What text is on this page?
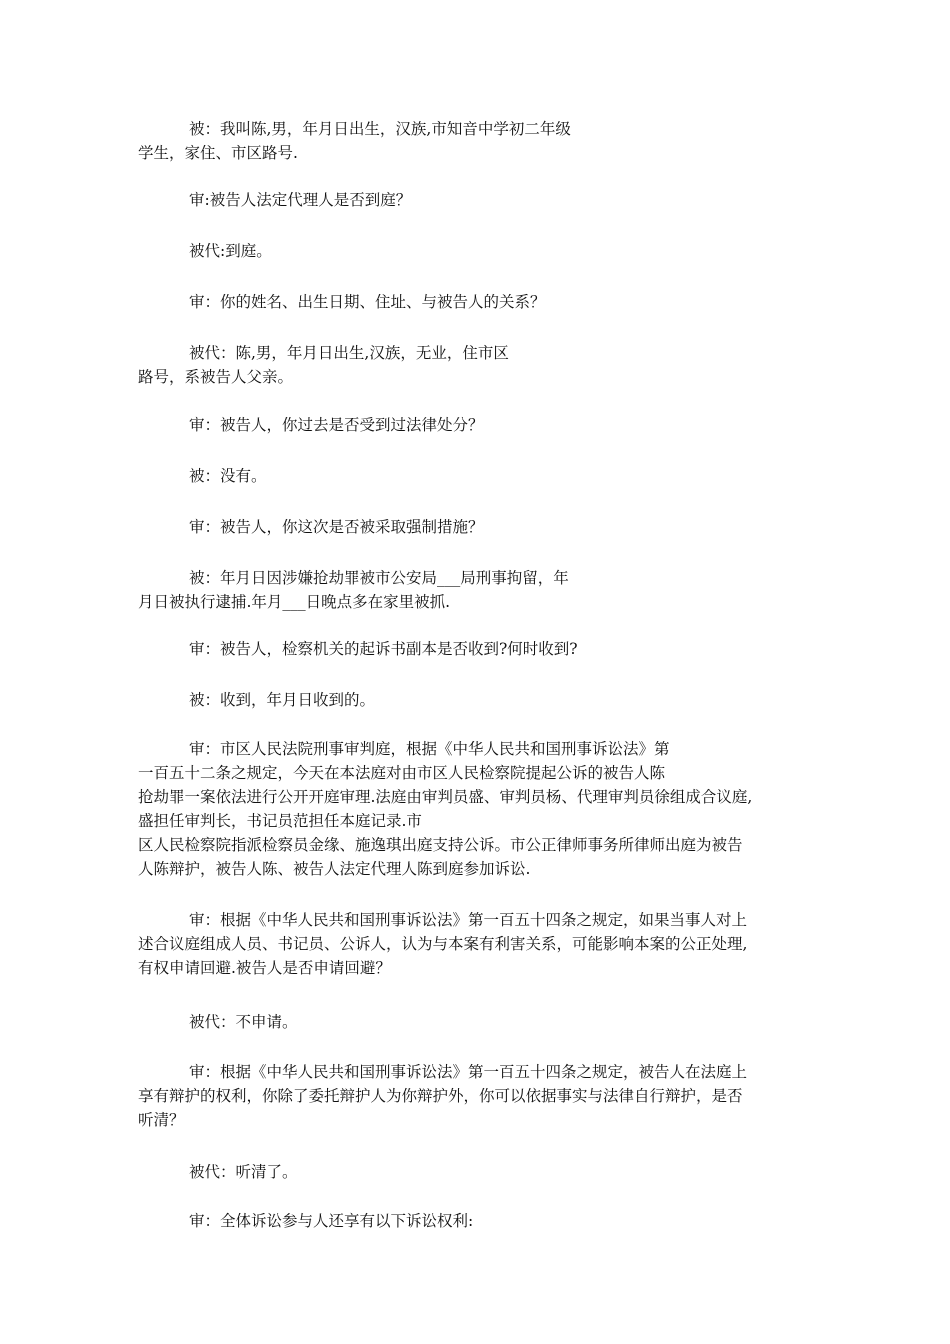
被：我叫陈,男，年月日出生，汉族,市知音中学初二年级
学生，家住、市区路号.

审:被告人法定代理人是否到庭？

被代:到庭。

审：你的姓名、出生日期、住址、与被告人的关系？

被代：陈,男，年月日出生,汉族，无业，住市区
路号，系被告人父亲。

审：被告人，你过去是否受到过法律处分？

被：没有。

审：被告人，你这次是否被采取强制措施？

被：年月日因涉嫌抢劫罪被市公安局___局刑事拘留，年
月日被执行逮捕.年月___日晚点多在家里被抓.

审：被告人，检察机关的起诉书副本是否收到?何时收到?

被：收到，年月日收到的。

审：市区人民法院刑事审判庭，根据《中华人民共和国刑事诉讼法》第
一百五十二条之规定，今天在本法庭对由市区人民检察院提起公诉的被告人陈
抢劫罪一案依法进行公开开庭审理.法庭由审判员盛、审判员杨、代理审判员徐组成合议庭,
盛担任审判长，书记员范担任本庭记录.市
区人民检察院指派检察员金缘、施逸琪出庭支持公诉。市公正律师事务所律师出庭为被告
人陈辩护，被告人陈、被告人法定代理人陈到庭参加诉讼.

审：根据《中华人民共和国刑事诉讼法》第一百五十四条之规定，如果当事人对上
述合议庭组成人员、书记员、公诉人，认为与本案有利害关系，可能影响本案的公正处理,
有权申请回避.被告人是否申请回避？

被代：不申请。

审：根据《中华人民共和国刑事诉讼法》第一百五十四条之规定，被告人在法庭上
享有辩护的权利，你除了委托辩护人为你辩护外，你可以依据事实与法律自行辩护，是否
听清？

被代：听清了。

审：全体诉讼参与人还享有以下诉讼权利:
